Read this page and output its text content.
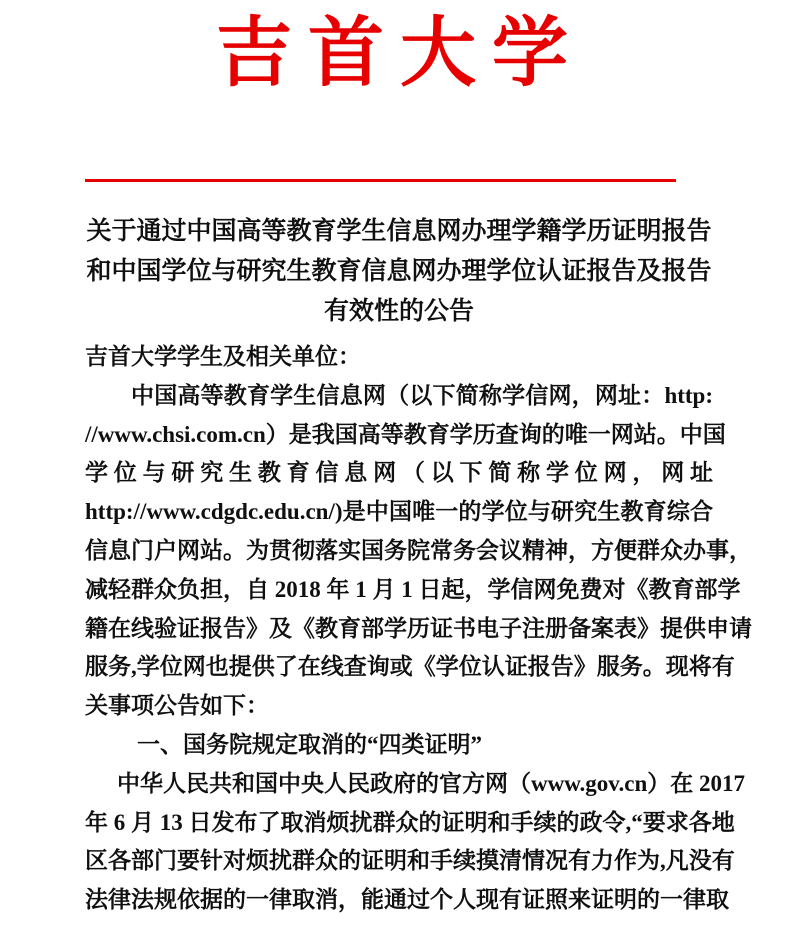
吉首大学
关于通过中国高等教育学生信息网办理学籍学历证明报告
和中国学位与研究生教育信息网办理学位认证报告及报告
有效性的公告
吉首大学学生及相关单位：
中国高等教育学生信息网（以下简称学信网，网址：http:
//www.chsi.com.cn）是我国高等教育学历查询的唯一网站。中国
学位与研究生教育信息网（以下简称学位网，网址
http://www.cdgdc.edu.cn/)是中国唯一的学位与研究生教育综合
信息门户网站。为贯彻落实国务院常务会议精神，方便群众办事，
减轻群众负担，自 2018 年 1 月 1 日起，学信网免费对《教育部学
籍在线验证报告》及《教育部学历证书电子注册备案表》提供申请
服务,学位网也提供了在线查询或《学位认证报告》服务。现将有
关事项公告如下：
一、国务院规定取消的“四类证明”
中华人民共和国中央人民政府的官方网（www.gov.cn）在 2017
年 6 月 13 日发布了取消烦扰群众的证明和手续的政令,“要求各地
区各部门要针对烦扰群众的证明和手续摸清情况有力作为,凡没有
法律法规依据的一律取消，能通过个人现有证照来证明的一律取
